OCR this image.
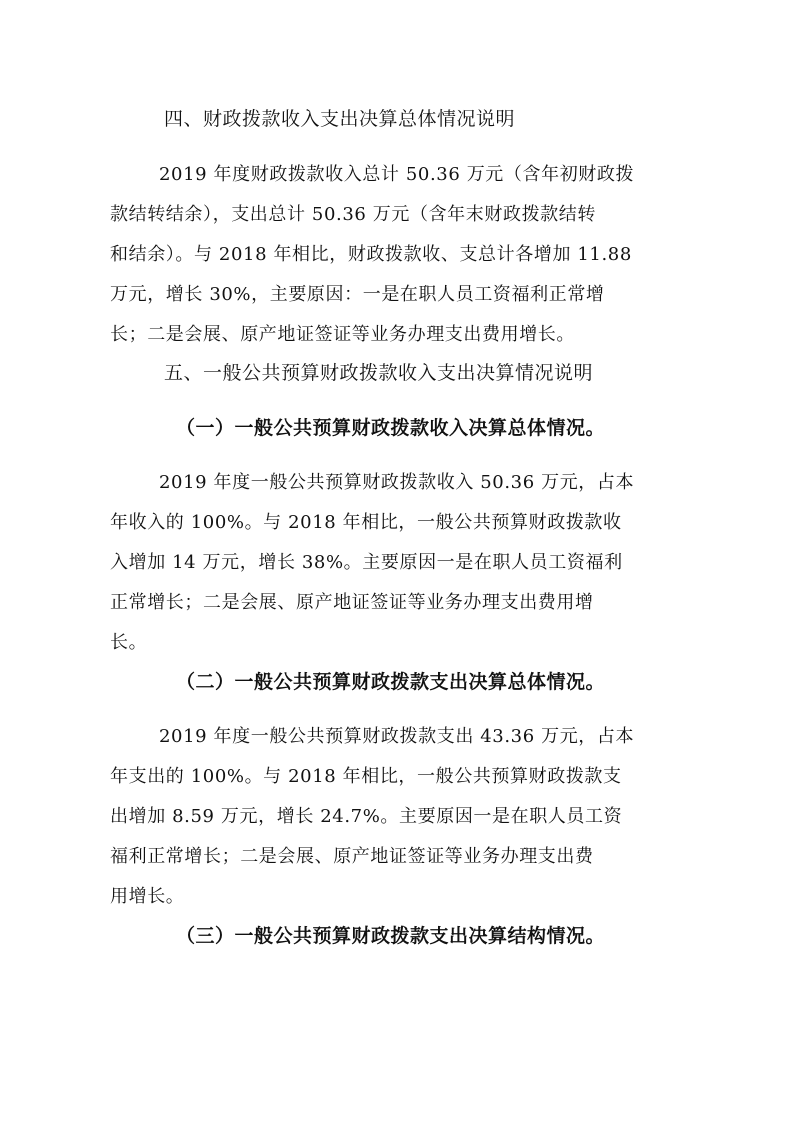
四、财政拨款收入支出决算总体情况说明
2019 年度财政拨款收入总计 50.36 万元（含年初财政拨
款结转结余），支出总计 50.36 万元（含年末财政拨款结转
和结余）。与 2018 年相比，财政拨款收、支总计各增加 11.88
万元，增长 30%，主要原因：一是在职人员工资福利正常增
长；二是会展、原产地证签证等业务办理支出费用增长。
五、一般公共预算财政拨款收入支出决算情况说明
（一）一般公共预算财政拨款收入决算总体情况。
2019 年度一般公共预算财政拨款收入 50.36 万元，占本
年收入的 100%。与 2018 年相比，一般公共预算财政拨款收
入增加 14 万元，增长 38%。主要原因一是在职人员工资福利
正常增长；二是会展、原产地证签证等业务办理支出费用增
长。
（二）一般公共预算财政拨款支出决算总体情况。
2019 年度一般公共预算财政拨款支出 43.36 万元，占本
年支出的 100%。与 2018 年相比，一般公共预算财政拨款支
出增加 8.59 万元，增长 24.7%。主要原因一是在职人员工资
福利正常增长；二是会展、原产地证签证等业务办理支出费
用增长。
（三）一般公共预算财政拨款支出决算结构情况。
